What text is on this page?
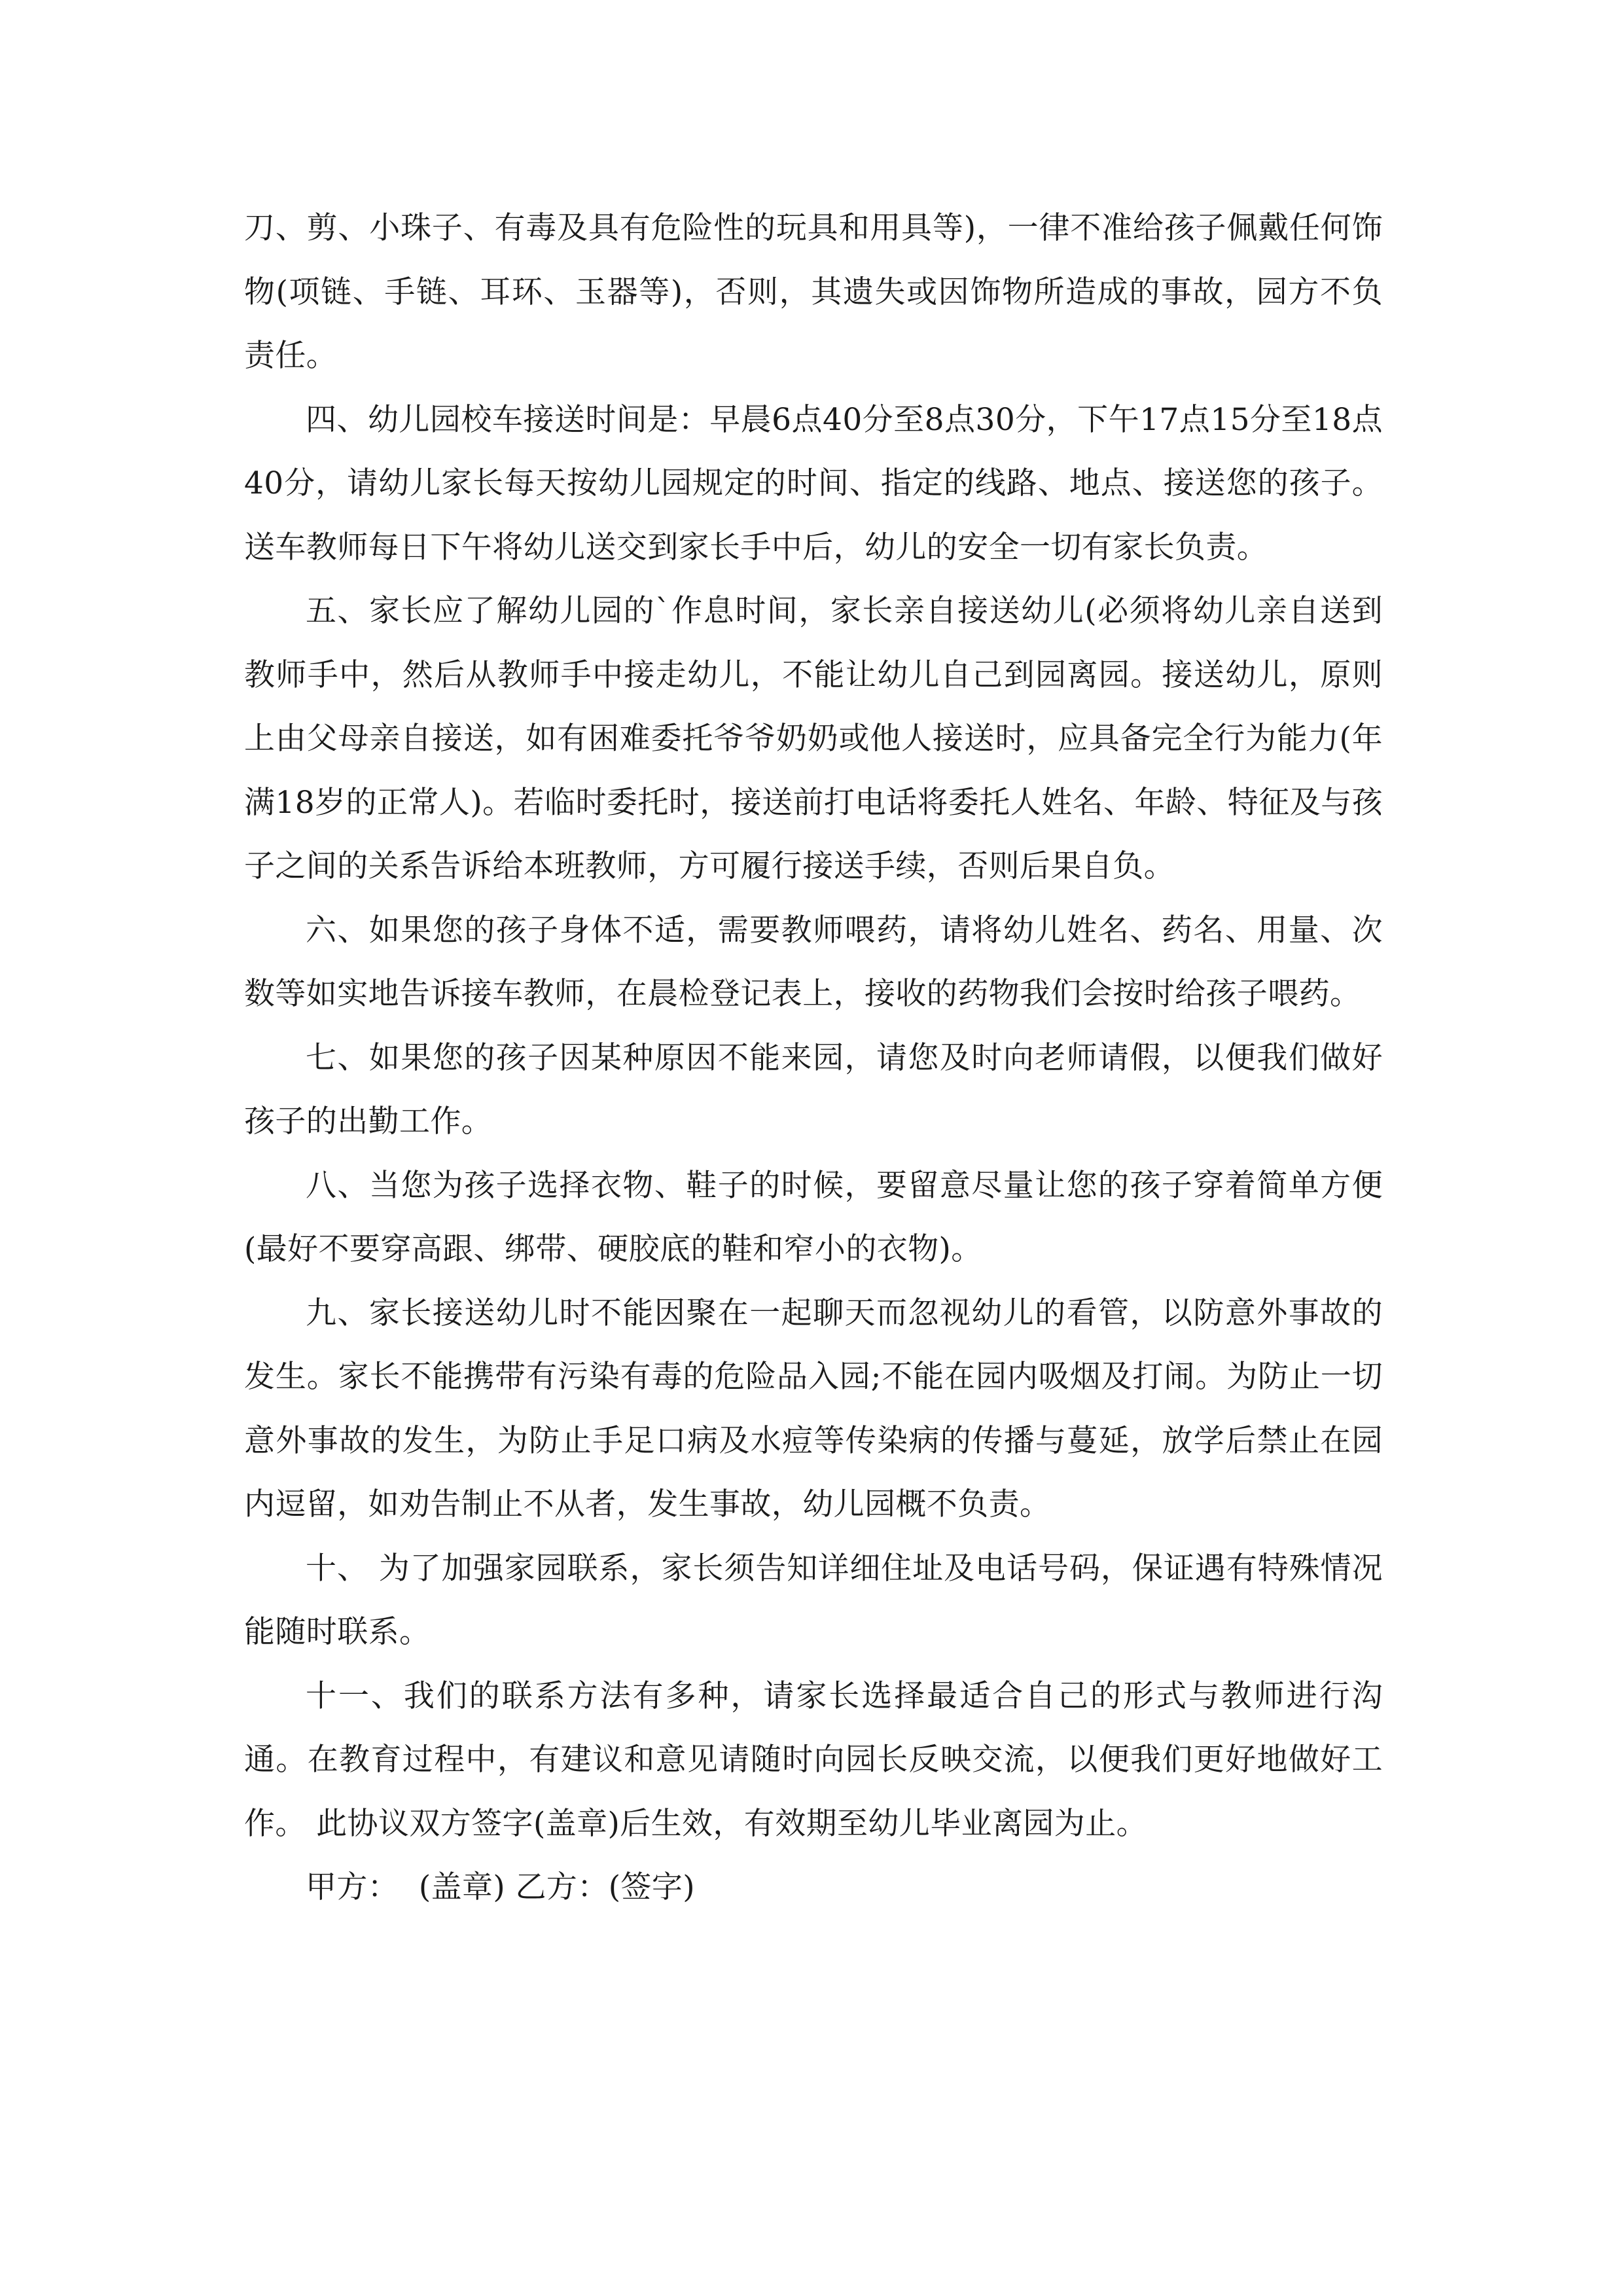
刀、剪、小珠子、有毒及具有危险性的玩具和用具等)，一律不准给孩子佩戴任何饰物(项链、手链、耳环、玉器等)，否则，其遗失或因饰物所造成的事故，园方不负责任。

四、幼儿园校车接送时间是：早晨6点40分至8点30分，下午17点15分至18点40分，请幼儿家长每天按幼儿园规定的时间、指定的线路、地点、接送您的孩子。送车教师每日下午将幼儿送交到家长手中后，幼儿的安全一切有家长负责。

五、家长应了解幼儿园的`作息时间，家长亲自接送幼儿(必须将幼儿亲自送到教师手中，然后从教师手中接走幼儿，不能让幼儿自己到园离园。接送幼儿，原则上由父母亲自接送，如有困难委托爷爷奶奶或他人接送时，应具备完全行为能力(年满18岁的正常人)。若临时委托时，接送前打电话将委托人姓名、年龄、特征及与孩子之间的关系告诉给本班教师，方可履行接送手续，否则后果自负。

六、如果您的孩子身体不适，需要教师喂药，请将幼儿姓名、药名、用量、次数等如实地告诉接车教师，在晨检登记表上，接收的药物我们会按时给孩子喂药。

七、如果您的孩子因某种原因不能来园，请您及时向老师请假，以便我们做好孩子的出勤工作。

八、当您为孩子选择衣物、鞋子的时候，要留意尽量让您的孩子穿着简单方便(最好不要穿高跟、绑带、硬胶底的鞋和窄小的衣物)。

九、家长接送幼儿时不能因聚在一起聊天而忽视幼儿的看管，以防意外事故的发生。家长不能携带有污染有毒的危险品入园;不能在园内吸烟及打闹。为防止一切意外事故的发生，为防止手足口病及水痘等传染病的传播与蔓延，放学后禁止在园内逗留，如劝告制止不从者，发生事故，幼儿园概不负责。

十、 为了加强家园联系，家长须告知详细住址及电话号码，保证遇有特殊情况能随时联系。

十一、我们的联系方法有多种，请家长选择最适合自己的形式与教师进行沟通。在教育过程中，有建议和意见请随时向园长反映交流，以便我们更好地做好工作。 此协议双方签字(盖章)后生效，有效期至幼儿毕业离园为止。

甲方：  (盖章) 乙方：(签字)
